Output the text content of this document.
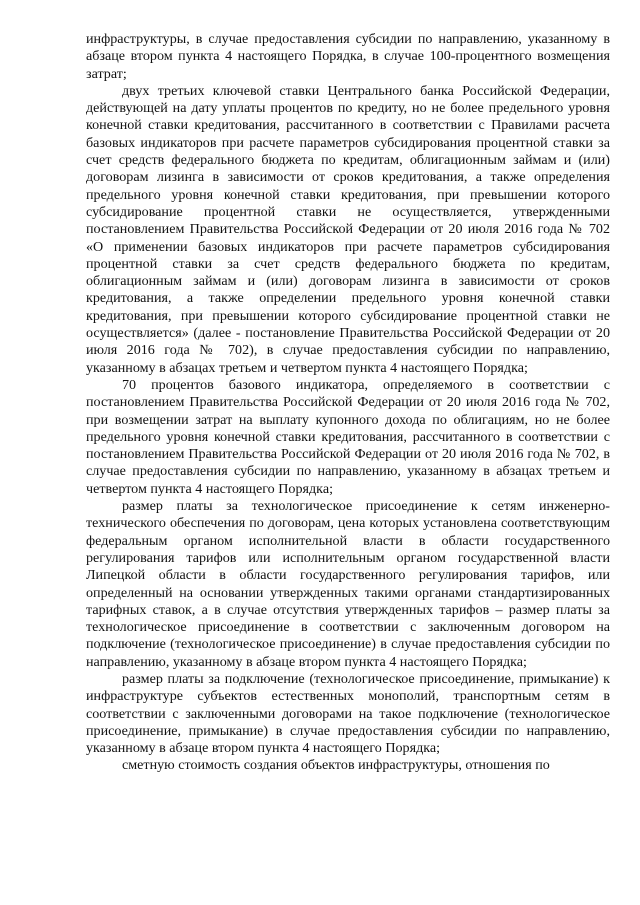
инфраструктуры, в случае предоставления субсидии по направлению, указанному в абзаце втором пункта 4 настоящего Порядка, в случае 100-процентного возмещения затрат;

двух третьих ключевой ставки Центрального банка Российской Федерации, действующей на дату уплаты процентов по кредиту, но не более предельного уровня конечной ставки кредитования, рассчитанного в соответствии с Правилами расчета базовых индикаторов при расчете параметров субсидирования процентной ставки за счет средств федерального бюджета по кредитам, облигационным займам и (или) договорам лизинга в зависимости от сроков кредитования, а также определения предельного уровня конечной ставки кредитования, при превышении которого субсидирование процентной ставки не осуществляется, утвержденными постановлением Правительства Российской Федерации от 20 июля 2016 года № 702 «О применении базовых индикаторов при расчете параметров субсидирования процентной ставки за счет средств федерального бюджета по кредитам, облигационным займам и (или) договорам лизинга в зависимости от сроков кредитования, а также определении предельного уровня конечной ставки кредитования, при превышении которого субсидирование процентной ставки не осуществляется» (далее - постановление Правительства Российской Федерации от 20 июля 2016 года № 702), в случае предоставления субсидии по направлению, указанному в абзацах третьем и четвертом пункта 4 настоящего Порядка;

70 процентов базового индикатора, определяемого в соответствии с постановлением Правительства Российской Федерации от 20 июля 2016 года № 702, при возмещении затрат на выплату купонного дохода по облигациям, но не более предельного уровня конечной ставки кредитования, рассчитанного в соответствии с постановлением Правительства Российской Федерации от 20 июля 2016 года № 702, в случае предоставления субсидии по направлению, указанному в абзацах третьем и четвертом пункта 4 настоящего Порядка;

размер платы за технологическое присоединение к сетям инженерно-технического обеспечения по договорам, цена которых установлена соответствующим федеральным органом исполнительной власти в области государственного регулирования тарифов или исполнительным органом государственной власти Липецкой области в области государственного регулирования тарифов, или определенный на основании утвержденных такими органами стандартизированных тарифных ставок, а в случае отсутствия утвержденных тарифов – размер платы за технологическое присоединение в соответствии с заключенным договором на подключение (технологическое присоединение) в случае предоставления субсидии по направлению, указанному в абзаце втором пункта 4 настоящего Порядка;

размер платы за подключение (технологическое присоединение, примыкание) к инфраструктуре субъектов естественных монополий, транспортным сетям в соответствии с заключенными договорами на такое подключение (технологическое присоединение, примыкание) в случае предоставления субсидии по направлению, указанному в абзаце втором пункта 4 настоящего Порядка;

сметную стоимость создания объектов инфраструктуры, отношения по
